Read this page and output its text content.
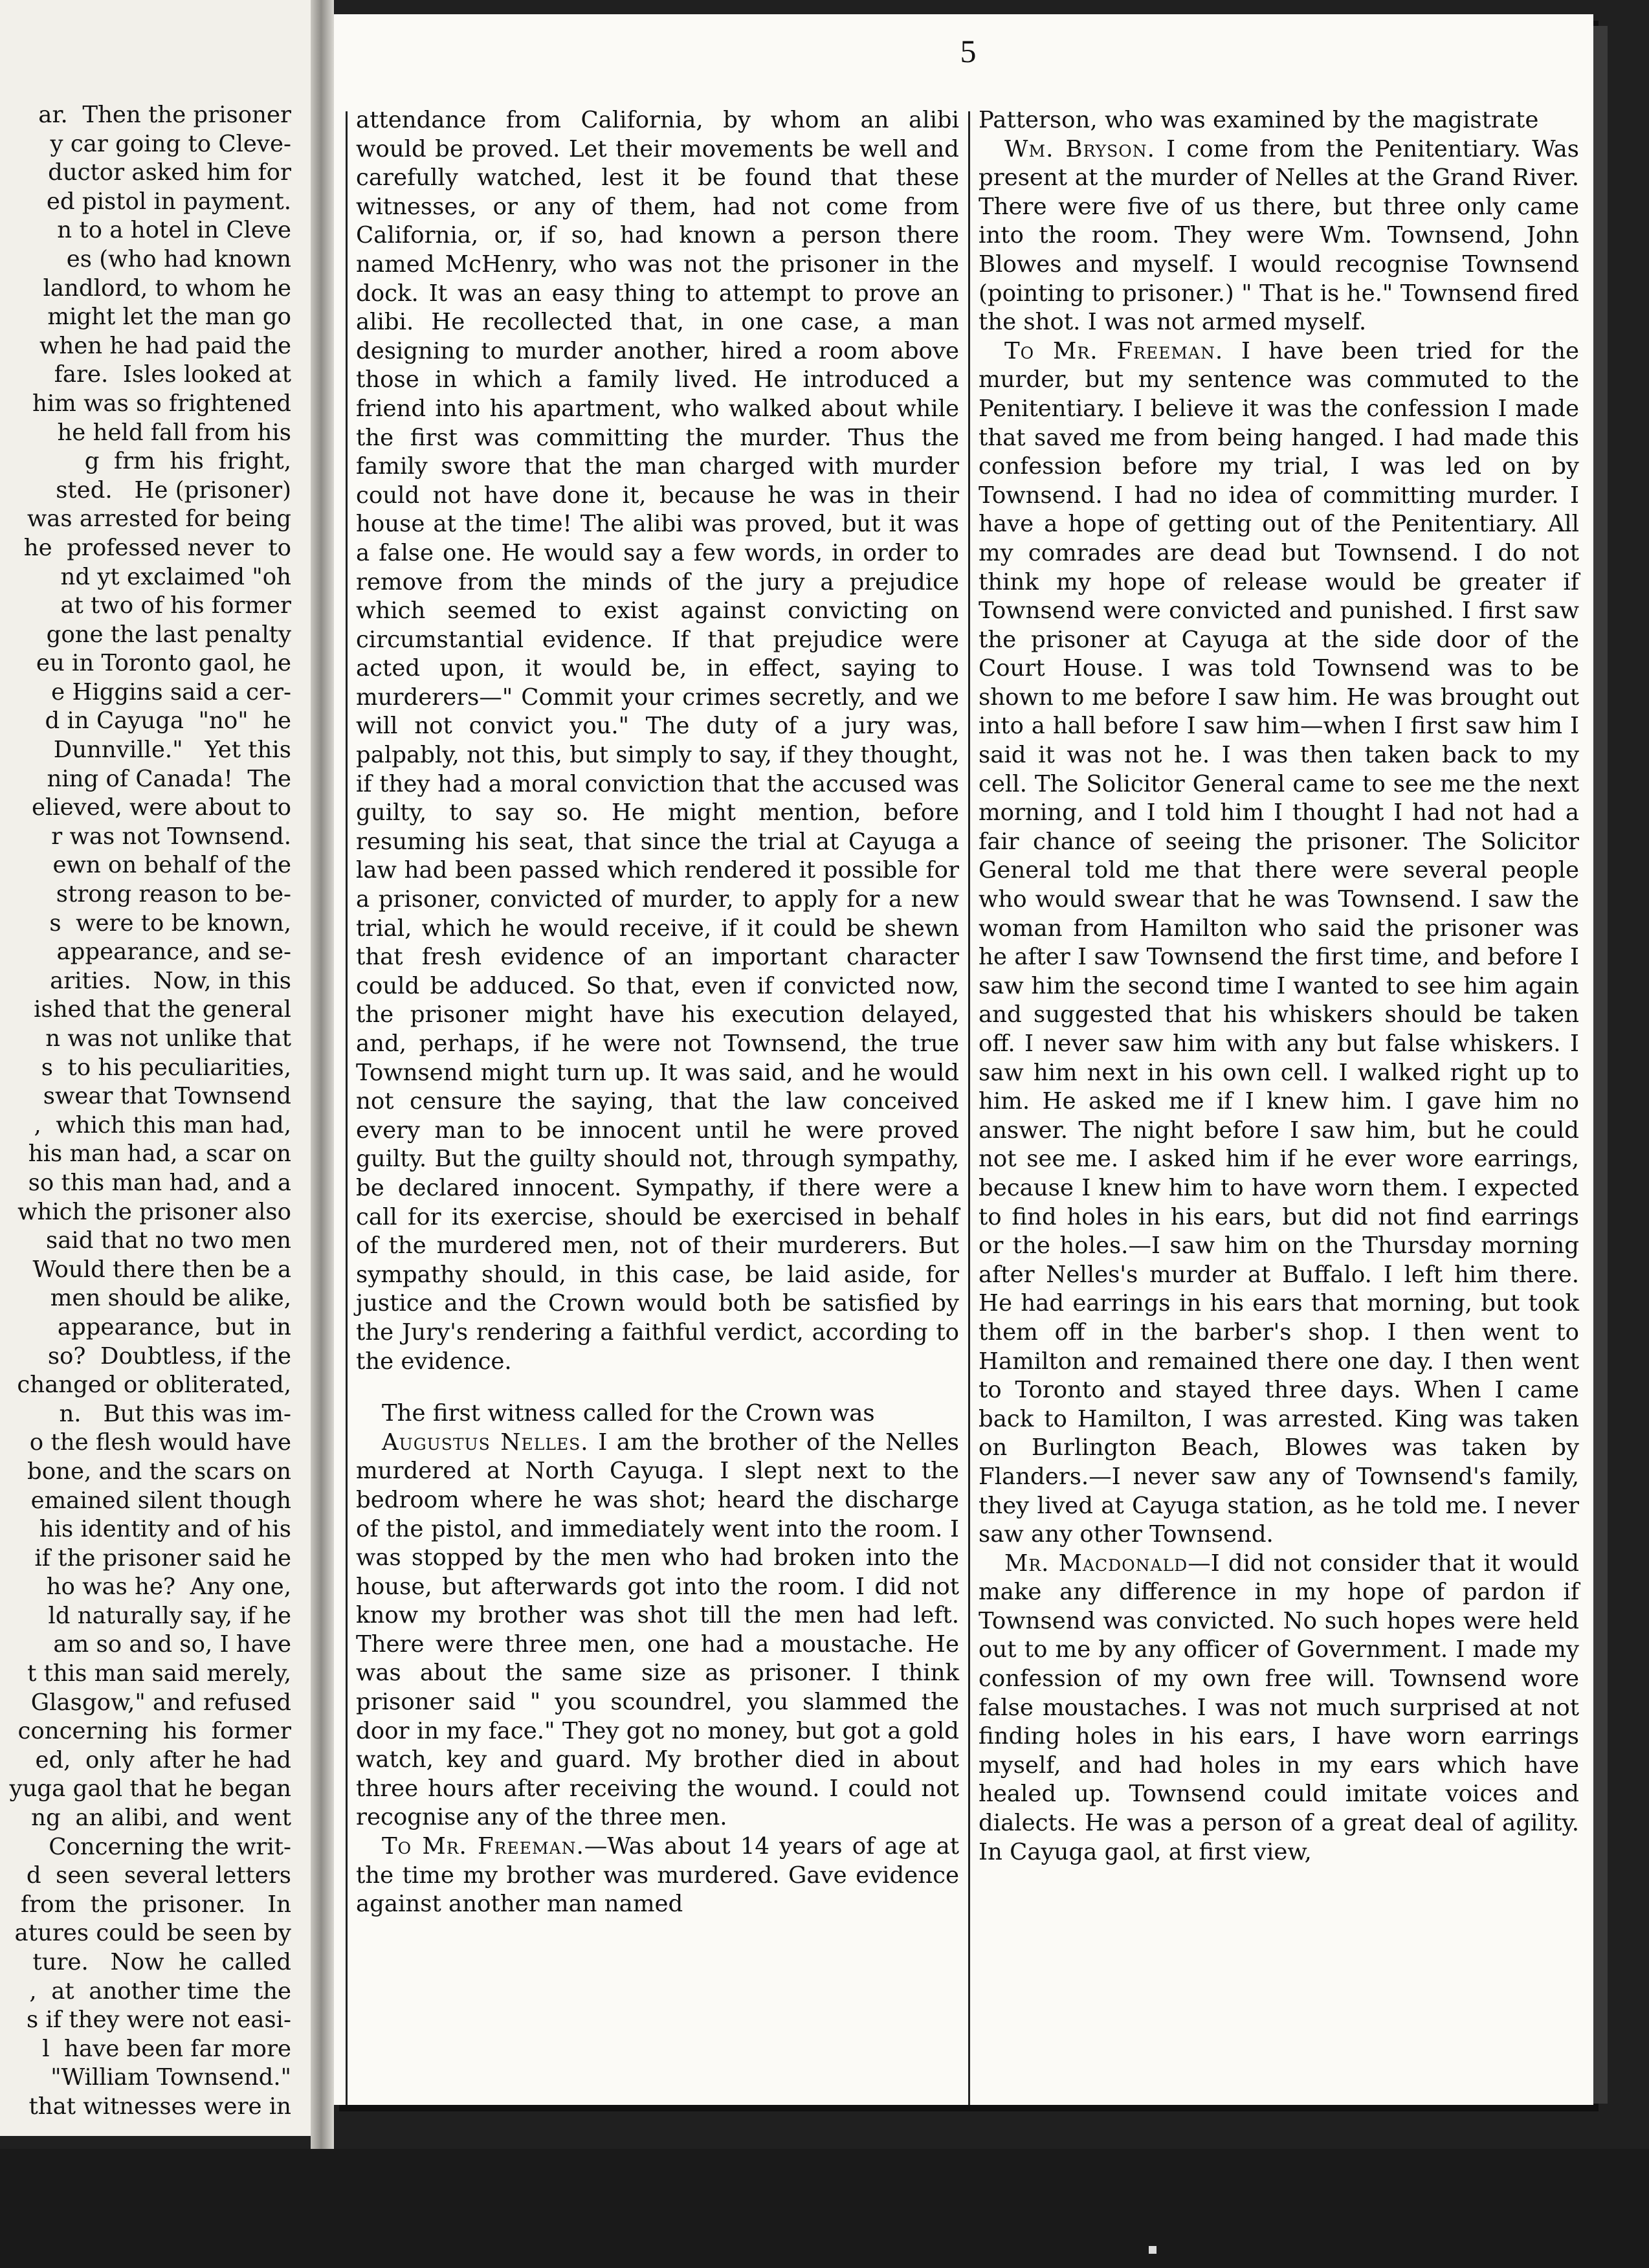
ar.  Then the prisoner
y car going to Cleve-
ductor asked him for
ed pistol in payment.
n to a hotel in Cleve
es (who had known
landlord, to whom he
might let the man go
when he had paid the
fare.  Isles looked at
him was so frightened
he held fall from his
g  frm  his  fright,
sted.   He (prisoner)
was arrested for being
he  professed never  to
nd yt exclaimed "oh
at two of his former
gone the last penalty
eu in Toronto gaol, he
e Higgins said a cer-
d in Cayuga  "no"  he
Dunnville."   Yet this
ning of Canada!  The
elieved, were about to
r was not Townsend.
ewn on behalf of the
strong reason to be-
s  were to be known,
appearance, and se-
arities.   Now, in this
ished that the general
n was not unlike that
s  to his peculiarities,
swear that Townsend
,  which this man had,
his man had, a scar on
so this man had, and a
which the prisoner also
said that no two men
Would there then be a
men should be alike,
appearance,  but  in
so?  Doubtless, if the
changed or obliterated,
n.   But this was im-
o the flesh would have
bone, and the scars on
emained silent though
his identity and of his
if the prisoner said he
ho was he?  Any one,
ld naturally say, if he
am so and so, I have
t this man said merely,
Glasgow," and refused
concerning  his  former
ed,  only  after he had
yuga gaol that he began
ng  an alibi, and  went
Concerning the writ-
d  seen  several letters
from  the  prisoner.   In
atures could be seen by
ture.   Now  he  called
,  at  another time  the
s if they were not easi-
l  have been far more
"William Townsend."
that witnesses were in
5

attendance from California, by whom an alibi would be proved. Let their movements be well and carefully watched, lest it be found that these witnesses, or any of them, had not come from California, or, if so, had known a person there named McHenry, who was not the prisoner in the dock. It was an easy thing to attempt to prove an alibi. He recollected that, in one case, a man designing to murder another, hired a room above those in which a family lived. He introduced a friend into his apartment, who walked about while the first was committing the murder. Thus the family swore that the man charged with murder could not have done it, because he was in their house at the time! The alibi was proved, but it was a false one. He would say a few words, in order to remove from the minds of the jury a prejudice which seemed to exist against convicting on circumstantial evidence. If that prejudice were acted upon, it would be, in effect, saying to murderers—" Commit your crimes secretly, and we will not convict you." The duty of a jury was, palpably, not this, but simply to say, if they thought, if they had a moral conviction that the accused was guilty, to say so. He might mention, before resuming his seat, that since the trial at Cayuga a law had been passed which rendered it possible for a prisoner, convicted of murder, to apply for a new trial, which he would receive, if it could be shewn that fresh evidence of an important character could be adduced. So that, even if convicted now, the prisoner might have his execution delayed, and, perhaps, if he were not Townsend, the true Townsend might turn up. It was said, and he would not censure the saying, that the law conceived every man to be innocent until he were proved guilty. But the guilty should not, through sympathy, be declared innocent. Sympathy, if there were a call for its exercise, should be exercised in behalf of the murdered men, not of their murderers. But sympathy should, in this case, be laid aside, for justice and the Crown would both be satisfied by the Jury's rendering a faithful verdict, according to the evidence.

The first witness called for the Crown was

Augustus Nelles. I am the brother of the Nelles murdered at North Cayuga. I slept next to the bedroom where he was shot; heard the discharge of the pistol, and immediately went into the room. I was stopped by the men who had broken into the house, but afterwards got into the room. I did not know my brother was shot till the men had left. There were three men, one had a moustache. He was about the same size as prisoner. I think prisoner said " you scoundrel, you slammed the door in my face." They got no money, but got a gold watch, key and guard. My brother died in about three hours after receiving the wound. I could not recognise any of the three men.

To Mr. Freeman.—Was about 14 years of age at the time my brother was murdered. Gave evidence against another man named

Patterson, who was examined by the magistrate

Wm. Bryson. I come from the Penitentiary. Was present at the murder of Nelles at the Grand River. There were five of us there, but three only came into the room. They were Wm. Townsend, John Blowes and myself. I would recognise Townsend (pointing to prisoner.) " That is he." Townsend fired the shot. I was not armed myself.

To Mr. Freeman. I have been tried for the murder, but my sentence was commuted to the Penitentiary. I believe it was the confession I made that saved me from being hanged. I had made this confession before my trial, I was led on by Townsend. I had no idea of committing murder. I have a hope of getting out of the Penitentiary. All my comrades are dead but Townsend. I do not think my hope of release would be greater if Townsend were convicted and punished. I first saw the prisoner at Cayuga at the side door of the Court House. I was told Townsend was to be shown to me before I saw him. He was brought out into a hall before I saw him—when I first saw him I said it was not he. I was then taken back to my cell. The Solicitor General came to see me the next morning, and I told him I thought I had not had a fair chance of seeing the prisoner. The Solicitor General told me that there were several people who would swear that he was Townsend. I saw the woman from Hamilton who said the prisoner was he after I saw Townsend the first time, and before I saw him the second time I wanted to see him again and suggested that his whiskers should be taken off. I never saw him with any but false whiskers. I saw him next in his own cell. I walked right up to him. He asked me if I knew him. I gave him no answer. The night before I saw him, but he could not see me. I asked him if he ever wore earrings, because I knew him to have worn them. I expected to find holes in his ears, but did not find earrings or the holes.—I saw him on the Thursday morning after Nelles's murder at Buffalo. I left him there. He had earrings in his ears that morning, but took them off in the barber's shop. I then went to Hamilton and remained there one day. I then went to Toronto and stayed three days. When I came back to Hamilton, I was arrested. King was taken on Burlington Beach, Blowes was taken by Flanders.—I never saw any of Townsend's family, they lived at Cayuga station, as he told me. I never saw any other Townsend.

Mr. Macdonald—I did not consider that it would make any difference in my hope of pardon if Townsend was convicted. No such hopes were held out to me by any officer of Government. I made my confession of my own free will. Townsend wore false moustaches. I was not much surprised at not finding holes in his ears, I have worn earrings myself, and had holes in my ears which have healed up. Townsend could imitate voices and dialects. He was a person of a great deal of agility. In Cayuga gaol, at first view,
